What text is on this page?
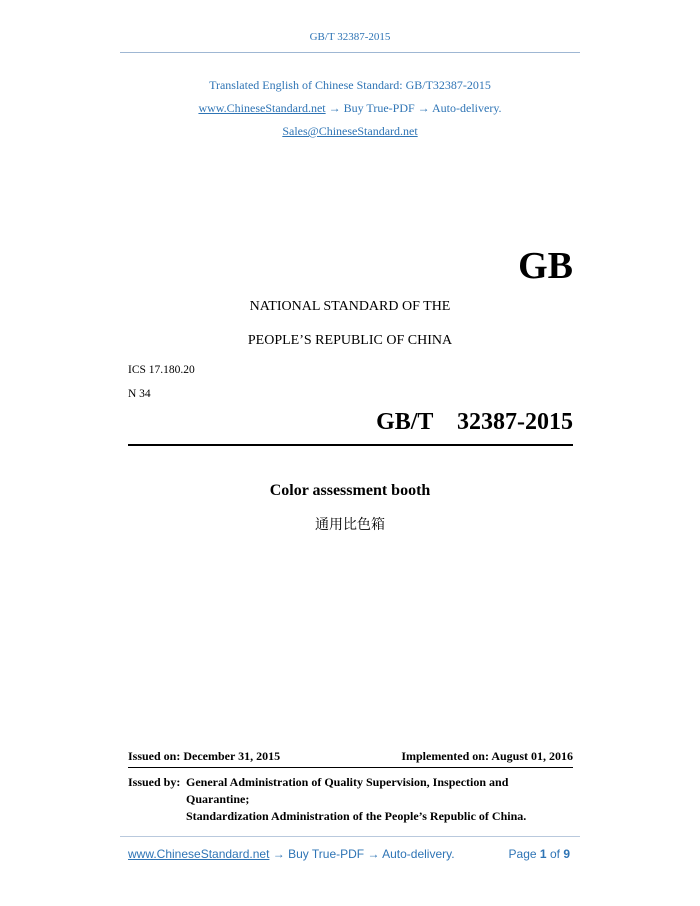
GB/T 32387-2015
Translated English of Chinese Standard: GB/T32387-2015
www.ChineseStandard.net → Buy True-PDF → Auto-delivery.
Sales@ChineseStandard.net
GB
NATIONAL STANDARD OF THE
PEOPLE’S REPUBLIC OF CHINA
ICS 17.180.20
N 34
GB/T  32387-2015
Color assessment booth
通用比色箱
Issued on: December 31, 2015	Implemented on: August 01, 2016
Issued by: General Administration of Quality Supervision, Inspection and
Quarantine;
Standardization Administration of the People’s Republic of China.
www.ChineseStandard.net → Buy True-PDF → Auto-delivery.	Page 1 of 9
